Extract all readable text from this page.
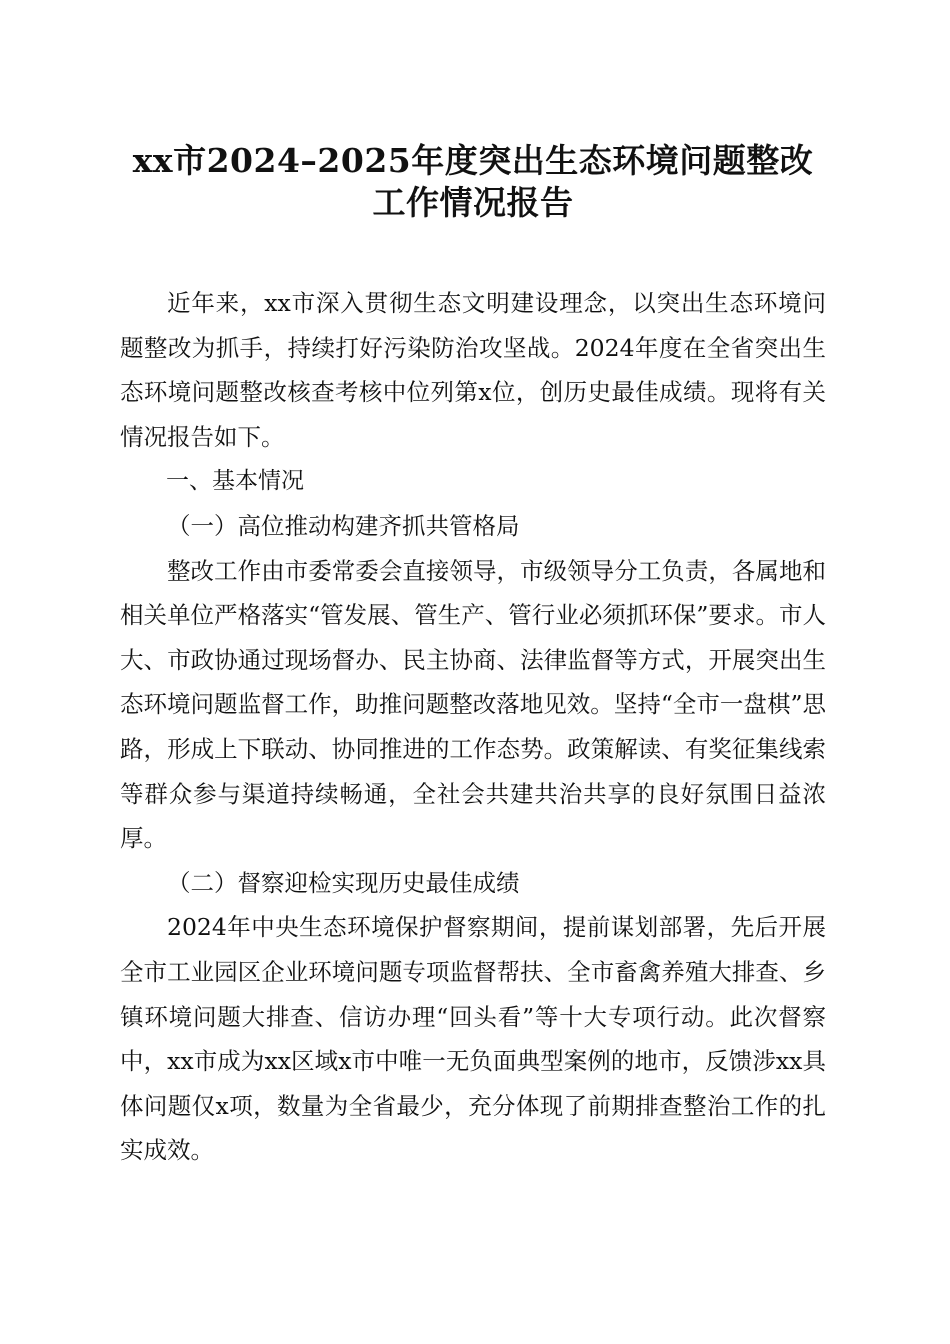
xx市2024–2025年度突出生态环境问题整改
工作情况报告

近年来，xx市深入贯彻生态文明建设理念，以突出生态环境问题整改为抓手，持续打好污染防治攻坚战。2024年度在全省突出生态环境问题整改核查考核中位列第x位，创历史最佳成绩。现将有关情况报告如下。

一、基本情况

（一）高位推动构建齐抓共管格局

整改工作由市委常委会直接领导，市级领导分工负责，各属地和相关单位严格落实“管发展、管生产、管行业必须抓环保”要求。市人大、市政协通过现场督办、民主协商、法律监督等方式，开展突出生态环境问题监督工作，助推问题整改落地见效。坚持“全市一盘棋”思路，形成上下联动、协同推进的工作态势。政策解读、有奖征集线索等群众参与渠道持续畅通，全社会共建共治共享的良好氛围日益浓厚。

（二）督察迎检实现历史最佳成绩

2024年中央生态环境保护督察期间，提前谋划部署，先后开展全市工业园区企业环境问题专项监督帮扶、全市畜禽养殖大排查、乡镇环境问题大排查、信访办理“回头看”等十大专项行动。此次督察中，xx市成为xx区域x市中唯一无负面典型案例的地市，反馈涉xx具体问题仅x项，数量为全省最少，充分体现了前期排查整治工作的扎实成效。
